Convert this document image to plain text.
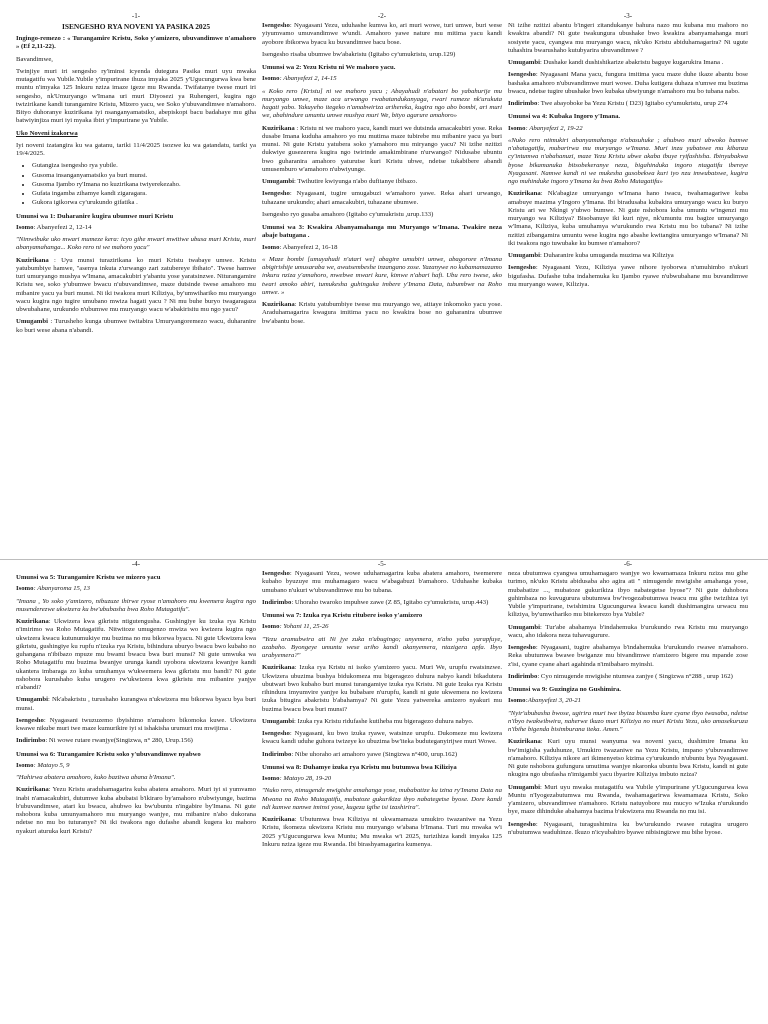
-1-
ISENGESHO RYA NOVENI YA PASIKA 2025

Ingingo-remezo : « Turangamire Kristu, Soko y'amizero, ubuvandimwe n'amahoro » (Ef 2,11-22).

Bavandimwe,

Twinjiye muri iri sengesho ry'iminsi icyenda dutegura Pasika muri uyu mwaka mutagatifu wa Yubile.Yubile y'impurirane ihuza imyaka 2025 y'Ugucungurwa kwa bene muntu n'imyaka 125 Inkuru nziza imaze igeze mu Rwanda. Twifatanye twese muri iri sengesho, nk'Umuryango w'Imana uri muri Diyosezi ya Ruhengeri, kugira ngo twizirikane kandi turangamire Kristu, Mizero yacu, we Soko y'ubuvandimwe n'amahoro. Bityo duhoranye kuzirikana iyi nsanganyamatsiko, abepiskopi bacu badahaye mu giha batwiyinjiza muri iyi myaka ibiri y'impurirane ya Yubile.

Uko Noveni izakorwa

Iyi noveni izatangira ku wa gatanu, tariki 11/4/2025 isozwe ku wa gatandatu, tariki ya 19/4/2025.

• Gutangiza isengesho rya yubile.
• Gusoma insanganyamatsiko ya buri munsi.
• Gusoma Ijambo ry'Imana no kuzirikana twiyerekezaho.
• Gufata ingamba zihamye kandi zigaragara.
• Gukora igikorwa cy'urukundo gifatika .
Umunsi wa 1: Duharanire kugira ubumwe muri Kristu

Isomo: Abanyefezi 2, 12-14

"Nimwibuke uko mwari mumeze kera: icyo gihe mwari mwitiwe ubusa muri Kristu, muri abanyamahanga... Koko rero ni we mahoro yacu"

Kuzirikana : Uyu munsi turazirikana ko muri Kristu twabaye umwe. Kristu yatubumbiye hamwe, "asenya inkuta z'urwango zari zatubereye ibihato". Twese hamwe turi umuryango mushya w'Imana, amacakubiri y'abantu yose yaratsinzwe. Niturangamire Kristu we, soko y'ubumwe bwacu n'ubuvandimwe, maze dutsinde twese amahoro mu mibanire yacu ya buri munsi. Ni iki twakora muri Kiliziya, by'umwihariko mu muryango wacu kugira ngo tugire umubano mwiza hagati yacu ? Ni mu buhe buryo twagaragaza ubwubahane, urukundo n'ubumwe mu muryango wacu w'abakirisitu mu ngo yacu?

Umugambi : Turusheho kunga ubumwe twitabira Umuryangoremezo wacu, duharanire ko buri wese abana n'abandi.

-2-

Isengesho: Nyagasani Yezu, uduhashe kumva ko, ari muri wowe, turi umwe, buri wese yiyumvamo umuvandimwe w'undi. Amahoro yawe nature mu mitima yacu kandi ayobore ibikorwa byacu ku buvandimwe bacu bose.

Isengesho risaba ubumwe bw'abakristu (Igitabo cy'umukristu, urup.129)

Umunsi wa 2: Yezu Kristu ni We mahoro yacu.

Isomo: Abanyefezi 2, 14-15

« Koko rero [Kristu] ni we mahoro yacu ; Abayahudi n'abatari bo yabahurije mu muryango umwe, maze aca urwango rwabatandukanyaga, rwari rumeze nk'urukuta hagati yabo. Yakuyeho itegeko n'amabwiriza arihereka, kugira ngo abo bombi, ari muri we, abahindure umuntu umwe mushya muri We, bityo agarure amahoro»

Kuzirikana : Kristu ni we mahoro yacu, kandi muri we dutsinda amacakubiri yose. Reka dusabe Imana kuduha amahoro yo mu mutima maze tubirebe mu mibanire yacu ya buri munsi. Ni gute Kristu yatubera soko y'amahoro mu miryango yacu? Ni izihe nzitizi dukwiye gusezerera kugira ngo twirinde amakimbirane n'urwango? Nidusabe ubuntu bwo guharanira amahoro yaturutse kuri Kristu ubwe, ndetse tukabibere abandi umusemburo w'amahoro n'ubwiyunge.

Umugambi: Twihutire kwiyunga n'abo dufitanye ibibazo.

Isengesho: Nyagasani, tugire umugabuzi w'amahoro yawe. Reka ahari urwango, tuhazane urukundo; ahari amacakubiri, tuhazane ubumwe.

Isengesho ryo gusaba amahoro (Igitabo cy'umukristu ,urup.133)

Umunsi wa 3: Kwakira Abanyamahanga mu Muryango w'Imana. Twakire neza abaje batugana .

Isomo: Abanyefezi 2, 16-18

« Maze bombi [umuyahudi n'utari we] abagire umubiri umwe, abagorore n'Imana abigirishije umusaraba we, awutsembeshe inzangano zose. Yazanywe no kubamamazamo inkuru nziza y'amahoro, mwebwe mwari kure, kimwe n'abari hafi. Ubu rero twese, uko twari amoko abiri, tumukesha guhinguka imbere y'Imana Data, tubumbwe na Roho umwe. »

Kuzirikana: Kristu yatubumbiye twese mu muryango we, atitaye inkomoko yacu yose. Araduhamagarira kwagura imitima yacu no kwakira bose no guharanira ubumwe bw'abantu bose.

-3-

Ni izihe nzitizi abantu b'ingeri zitandukanye bahura nazo mu kubana mu mahoro no kwakira abandi? Ni gute twakungura ubushake bwo kwakira abanyamahanga muri sosiyete yacu, cyangwa mu muryango wacu, nk'uko Kristu abiduhamagarira? Ni ugute tuhashira bwarushaho kutubyarira ubuvandimwe ?

Umugambi: Dushake kandi dushishikarize abakristu baguye kugarukira Imana .

Isengesho: Nyagasani Mana yacu, fungura imitima yacu maze duhe ikaze abantu bose bashaka amahoro n'ubuvandimwe muri wowe. Duha kutigera duhaza n'umwe mu buzima bwacu, ndetse tugire ubushake bwo kubaka ubwiyunge n'amahoro mu bo tubana nabo.

Indirimbo: Twe abayoboke ba Yezu Kristu ( D23) Igitabo cy'umukristu, urup 274

Umunsi wa 4: Kubaka Ingoro y'Imana.

Isomo: Abanyefezi 2, 19-22

«Nuko rero ntimukiri abanyamahanga n'abasuhuke ; ahubwo muri ubwoko bumwe n'abatagatifu, mubarirwa mu muryango w'Imana. Muri inzu yubatswe mu kibanza cy'intumwa n'abahanuzi, maze Yezu Kristu ubwe akaba ibuye ryifashisha. Ibinyubakwa byose bikamanuka bitsobekeranye neza, bigahinduka ingoro ntagatifu ibereye Nyagasani. Namwe kandi ni we mukesha gusobekwa kuri iyo nzu imwubatswe, kugira ngo muhinduke ingoro y'Imana ku bwa Roho Mutagatifu»

Kuzirikana: Nk'abagize umuryango w'Imana hano iwacu, twahamagariwe kuba amabuye mazima y'Ingoro y'Imana. Ibi biradusaba kubakira umuryango wacu ku buryo Kristu ari we Nkingi y'ubwo bumwe. Ni gute nshobora kuba umuntu w'ingenzi mu muryango wa Kiliziya? Bisobanuye iki kuri njye, nk'umuntu mu bagize umuryango w'Imana, Kiliziya, kuba umuhamya w'urukundo rwa Kristu mu bo tubana? Ni izihe nzitizi zibangamira umuntu wese kugira ngo abashe kwitangira umuryango w'Imana? Ni iki twakora ngo tuwubake ku bumwe n'amahoro?

Umugambi: Duharanire kuba umuganda muzima wa Kiliziya

Isengesho: Nyagasani Yezu, Kiliziya yawe nihore iyoborwa n'umuhimbo n'ukuri bigufasha. Dufashe tuba indahemuka ku Ijambo ryawe n'ubwubahane mu buvandimwe mu muryango wawe, Kiliziya.

-4-
Umunsi wa 5: Turangamire Kristu we mizero yacu

Isomo: Abanyaroma 15, 13

"Imana , Yo soko y'amizero, nibuzuze ihirwe ryose n'amahoro mu kwemera kugira ngo musenderezwe ukwizera ku bw'ububasha bwa Roho Mutagatifu".

Kuzirikana: Ukwizera kwa gikristu ntigutengusha. Gushingiye ku izuka rya Kristu n'imirimo wa Roho Mutagatifu. Nitwitoze umugenzo mwiza wo kwizera kugira ngo ukwizera kwacu kutunumukiye mu buzima no mu bikorwa byacu. Ni gute Ukwizera kwa gikristu, gushingiye ku rupfu n'izuka rya Kristu, bihindura uburyo bwacu bwo kubaho no guhangana n'ibibazo mpuze mu bwami bwacu bwa buri munsi? Ni gute umwuka wa Roho Mutagatifu mu buzima bwanjye urunga kandi uyobora ukwizera kwanjye kandi ukantera imbaraga zo kuba umuhamya w'ukwemera kwa gikristu mu bandi? Ni gute nshobora kurushaho kuba urugero rw'ukwizera kwa gikristu mu mibanire yanjye n'abandi?

Umugambi: Nk'abakristu , turushaho kurangwa n'ukwizera mu bikorwa byacu bya buri munsi.

Isengesho: Nyagasani twuzuzemo ibyishimo n'amahoro bikomoka kuwe. Ukwizera kwawe nikube muri twe maze kumurikire iyi si ishakisha urumuri mu mwijima .

Indirimbo: Ni wowe rutare rwanjye(Singizwa, n° 280, Urup.156)

Umunsi wa 6: Turangamire Kristu soko y'ubuvandimwe nyabwo

Isomo: Matayo 5, 9

"Hahirwa abatera amahoro, kuko bazitwa abana b'Imana".

Kuzirikana: Yezu Kristu araduhamagarira kuba abatera amahoro. Muri iyi si yumvamo inabi n'amacakubiri, dutumwe kuba abubatsi b'ikiraro by'amahoro n'ubwiyunge, bazima b'ubuvandimwe, atari ku bwacu, ahubwo ku bw'ubuntu n'ingabire by'Imana. Ni gute nshobora kuba umunyamahoro mu muryango wanjye, mu mibanire n'abo dukorana ndetse no mu bo tuturanye? Ni iki twakora ngo dufashe abandi kugera ku mahoro nyakuri aturuka kuri Kristu?

-5-

Isengesho: Nyagasani Yezu, wowe uduhamagarira kuba abatera amahoro, twemerere kubaho byuzuye mu muhamagaro wacu w'abagabuzi b'amahoro. Uduhashe kubaka umubano n'ukuri w'ubuvandimwe mu bo tubana.

Indirimbo: Uhoraho twaroko impuhwe zawe (Z 85, Igitabo cy'umukristu, urup.443)

Umunsi wa 7: Izuka rya Kristu ritubere isoko y'amizero

Isomo: Yohani 11, 25-26

"Yezu aramubwira ati Ni jye zuka n'ubugingo; unyemera, n'aho yaba yarapfuye, azabaho. Byongeye umuntu wese uriho kandi akanyemera, ntazigera apfa. Ibyo urabyemera?"

Kuzirikana: Izuka rya Kristu ni isoko y'amizero yacu. Muri We, urupfu rwatsinzwe. Ukwizera ubuzima bushya bidukomeza mu bigeragezo duhura nabyo kandi bikadutera ubutwari bwo kubaho buri munsi turangamiye izuka rya Kristu. Ni gute Izuka rya Kristu rihindura imyumvire yanjye ku bubabare n'urupfu, kandi ni gute ukwemera no kwizera izuka bitugira abakristu b'abahamya? Ni gute Yezu yatwereka amizero nyakuri mu buzima bwacu bwa buri munsi?

Umugambi: Izuka rya Kristu ridufashe kutiheba mu bigeragezo duhura nabyo.

Isengesho: Nyagasani, ku bwo izuka ryawe, watsinze urupfu. Dukomeze mu kwizera kwacu kandi uduhe guhora twizeye ko ubuzima bw'iteka buduteganyirijwe muri Wowe.

Indirimbo: Nibe uhoraho ari amahoro yawe (Singizwa n°400, urup.162)

Umunsi wa 8: Duhamye izuka rya Kristu mu butumwa bwa Kiliziya

Isomo: Matayo 28, 19-20

"Nuko rero, nimugende mwigishe amahanga yose, mubabatize ku izina ry'Imana Data na Mwana na Roho Mutagatifu, mubatoze gukurikiza ibyo nabategetse byose. Dore kandi ndi kumwe namwe iminsi yose, kugeza igihe isi izashirira".

Kuzirikana: Ubutumwa bwa Kiliziya ni ukwamamaza umukiro twazaniwe na Yezu Kristu, ikomeza ukwizera Kristu mu muryango w'abana b'Imana. Turi mu mwaka w'i 2025 y'Ugucungurwa kwa Muntu; Mu mwaka w'i 2025, turizihiza kandi imyaka 125 Inkuru nziza igeze mu Rwanda. Ibi birashyamagarira kumenya.

-6-

neza ubutumwa cyangwa umuhamagaro wanjye wo kwamamaza Inkuru nziza mu gihe turimo, nk'uko Kristu abidusaba aho agira ati " nimugende mwigishe amahanga yose, mubabatize ..., mubatoze gukurikiza ibyo nabategetse byose"? Ni gute duhobora guhimbaza no kuvugurura ubutumwa bw'ivogezabutumwa iwacu mu gihe twizihiza iyi Yubile y'impurirane, twishimira Ugucungurwa kwacu kandi dushimangira urwacu mu kiliziya, by'umwihariko mu bitekerezo bya Yubile?

Umugambi: Tur'abe abahamya b'indahemuka b'urukundo rwa Kristu mu muryango wacu, aho idakora neza tuhavugurure.

Isengesho: Nyagasani, tugire abahamya b'indahemuka b'urukundo rwawe n'amahoro. Reka ubutumwa bwawe bwiganze mu bivandimwe n'amizero bigere mu mpande zose z'isi, cyane cyane ahari agahinda n'imibabaro myinshi.

Indirimbo: Cyo nimugende mwigishe ntumwa zanjye ( Singizwa n°288 , urup 162)

Umunsi wa 9: Guzingiza no Gushimira.

Isomo:Abanyefezi 3, 20-21

"Nyir'ububasha bwose, ugirira muri twe ibyiza bisumba kure cyane ibyo twasaba, ndetse n'ibyo twakwibwira, naherwe ikuzo muri Kiliziya no muri Kristu Yezu, uko amasekuruza n'ibihe bigenda bisimburana iteka. Amen."

Kuzirikana: Kuri uyu munsi wanyuma wa noveni yacu, dushimire Imana ku bw'imigisha yaduhunze, Umukiro twazaniwe na Yezu Kristu, impano y'ubuvandimwe n'amahoro. Kiliziya nikore ari ikimenyetso kizima cy'urukundo n'ubuntu bya Nyagasani. Ni gute nshobora gufungura umutima wanjye nkaronka ubuntu bwa Kristu, kandi ni gute nkugira ngo ubufasha n'imigambi yacu ibyarire Kiliziya imbuto nziza?

Umugambi: Muri uyu mwaka mutagatifu wa Yubile y'impurirane y'Ugucungurwa kwa Muntu n'Iyogezabutumwa mu Rwanda, twahamagarirwa kwamamaza Kristu, Soko y'amizero, ubuvandimwe n'amahoro. Kristu natuyobore mu mucyo w'Izuka n'urukundo bye, maze dihinduke abahamya bazima b'ukwizera mu Rwanda no mu isi.

Isengesho: Nyagasani, turagushimira ku bw'urukundo rwawe rutagira urugero n'ubutumwa waduhinze. Ikuzo n'icyubahiro byawe nibisingizwe mu bihe byose.
